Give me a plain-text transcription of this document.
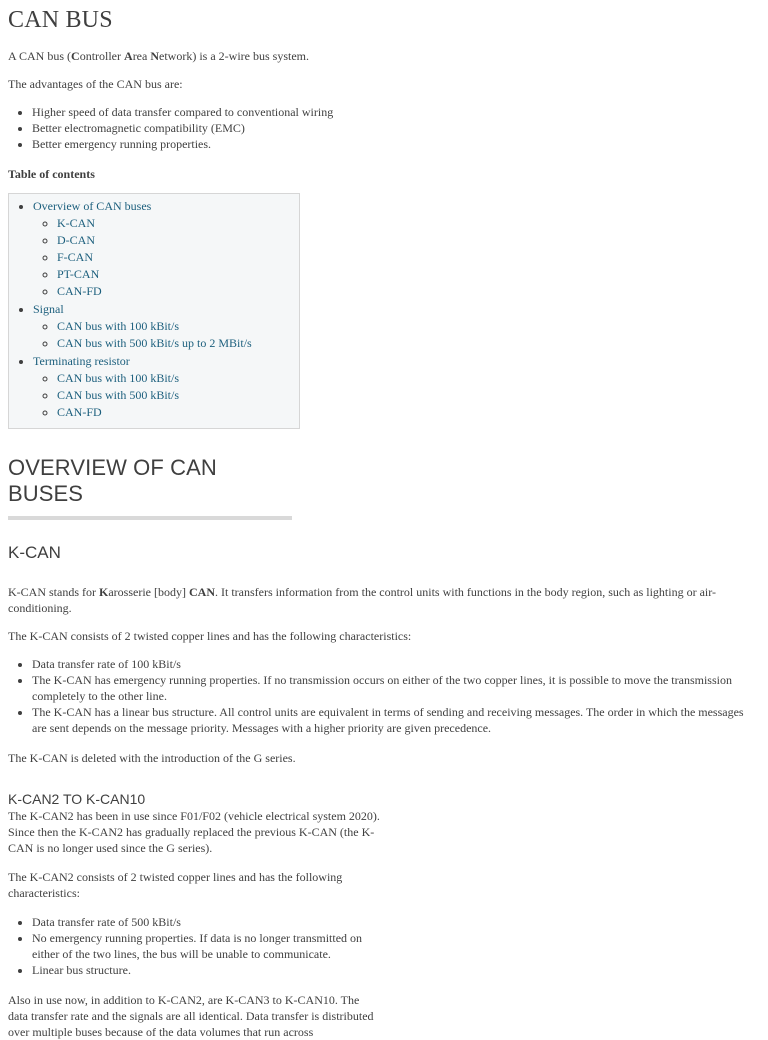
CAN BUS

A CAN bus (Controller Area Network) is a 2-wire bus system.

The advantages of the CAN bus are:

• Higher speed of data transfer compared to conventional wiring
• Better electromagnetic compatibility (EMC)
• Better emergency running properties.
Table of contents
• Overview of CAN buses
◦ K-CAN
◦ D-CAN
◦ F-CAN
◦ PT-CAN
◦ CAN-FD
• Signal
◦ CAN bus with 100 kBit/s
◦ CAN bus with 500 kBit/s up to 2 MBit/s
• Terminating resistor
◦ CAN bus with 100 kBit/s
◦ CAN bus with 500 kBit/s
◦ CAN-FD
OVERVIEW OF CAN BUSES
K-CAN

K-CAN stands for Karosserie [body] CAN. It transfers information from the control units with functions in the body region, such as lighting or air-conditioning.

The K-CAN consists of 2 twisted copper lines and has the following characteristics:

• Data transfer rate of 100 kBit/s
• The K-CAN has emergency running properties. If no transmission occurs on either of the two copper lines, it is possible to move the transmission completely to the other line.
• The K-CAN has a linear bus structure. All control units are equivalent in terms of sending and receiving messages. The order in which the messages are sent depends on the message priority. Messages with a higher priority are given precedence.

The K-CAN is deleted with the introduction of the G series.

K-CAN2 TO K-CAN10

The K-CAN2 has been in use since F01/F02 (vehicle electrical system 2020). Since then the K-CAN2 has gradually replaced the previous K-CAN (the K-CAN is no longer used since the G series).

The K-CAN2 consists of 2 twisted copper lines and has the following characteristics:

• Data transfer rate of 500 kBit/s
• No emergency running properties. If data is no longer transmitted on either of the two lines, the bus will be unable to communicate.
• Linear bus structure.

Also in use now, in addition to K-CAN2, are K-CAN3 to K-CAN10. The data transfer rate and the signals are all identical. Data transfer is distributed over multiple buses because of the data volumes that run across
